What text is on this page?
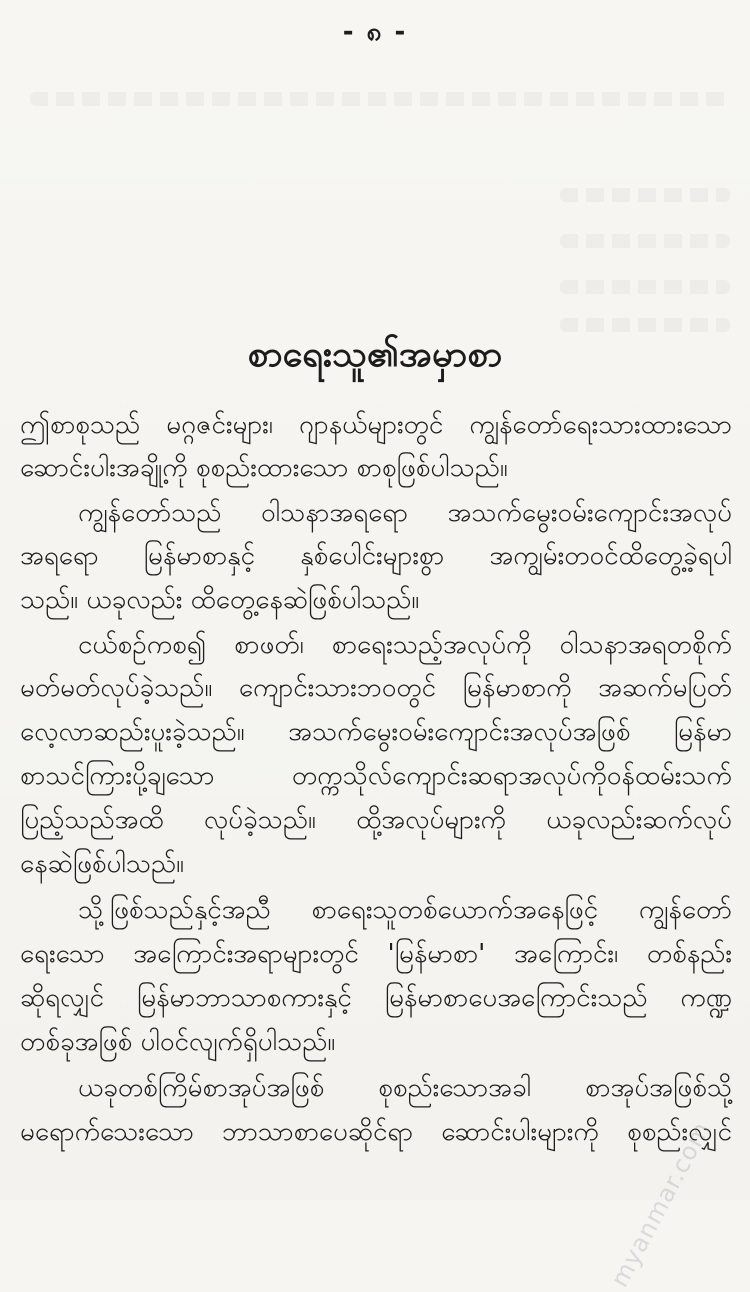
- ၈ -
စာရေးသူ၏အမှာစာ
ဤစာစုသည် မဂ္ဂဇင်းများ၊ ဂျာနယ်များတွင် ကျွန်တော်ရေးသားထားသော
ဆောင်းပါးအချို့ကို စုစည်းထားသော စာစုဖြစ်ပါသည်။
ကျွန်တော်သည် ဝါသနာအရရော အသက်မွေးဝမ်းကျောင်းအလုပ်
အရရော မြန်မာစာနှင့် နှစ်ပေါင်းများစွာ အကျွမ်းတဝင်ထိတွေ့ခဲ့ရပါ
သည်။ ယခုလည်း ထိတွေ့နေဆဲဖြစ်ပါသည်။
ငယ်စဉ်ကစ၍ စာဖတ်၊ စာရေးသည့်အလုပ်ကို ဝါသနာအရတစိုက်
မတ်မတ်လုပ်ခဲ့သည်။ ကျောင်းသားဘဝတွင် မြန်မာစာကို အဆက်မပြတ်
လေ့လာဆည်းပူးခဲ့သည်။ အသက်မွေးဝမ်းကျောင်းအလုပ်အဖြစ် မြန်မာ
စာသင်ကြားပို့ချသော တက္ကသိုလ်ကျောင်းဆရာအလုပ်ကိုဝန်ထမ်းသက်
ပြည့်သည်အထိ လုပ်ခဲ့သည်။ ထို့အလုပ်များကို ယခုလည်းဆက်လုပ်
နေဆဲဖြစ်ပါသည်။
သို့ဖြစ်သည်နှင့်အညီ စာရေးသူတစ်ယောက်အနေဖြင့် ကျွန်တော်
ရေးသော အကြောင်းအရာများတွင် 'မြန်မာစာ' အကြောင်း၊ တစ်နည်း
ဆိုရလျှင် မြန်မာဘာသာစကားနှင့် မြန်မာစာပေအကြောင်းသည် ကဏ္ဍ
တစ်ခုအဖြစ် ပါဝင်လျက်ရှိပါသည်။
ယခုတစ်ကြိမ်စာအုပ်အဖြစ် စုစည်းသောအခါ စာအုပ်အဖြစ်သို့
မရောက်သေးသော ဘာသာစာပေဆိုင်ရာ ဆောင်းပါးများကို စုစည်းလျှင်
myanmar.com
